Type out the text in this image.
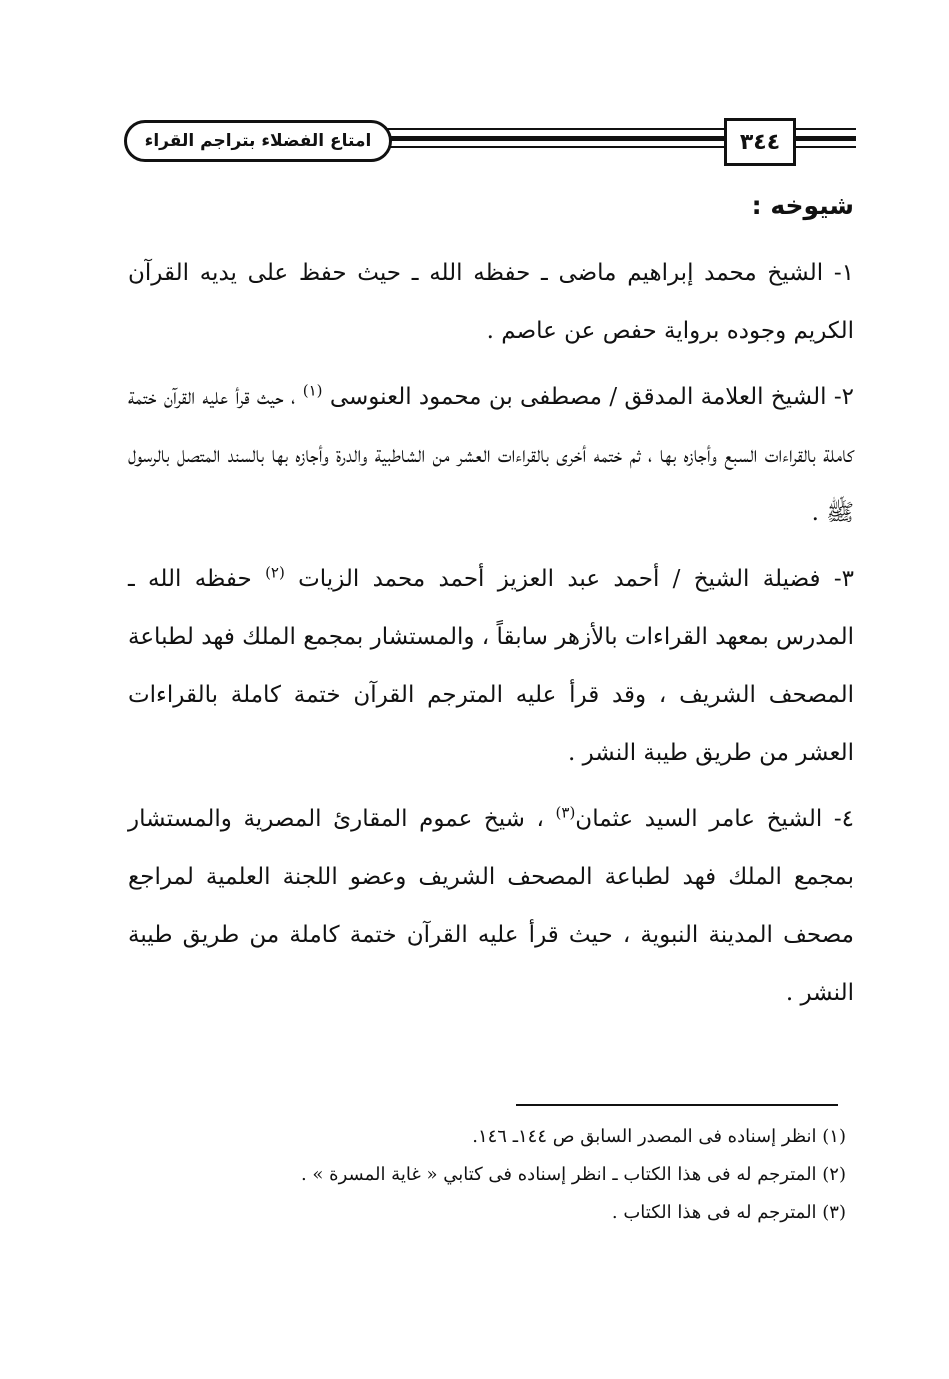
امتاع الفضلاء بتراجم القراء	٣٤٤

شيوخه :

١- الشيخ محمد إبراهيم ماضى ـ حفظه الله ـ حيث حفظ على يديه القرآن الكريم وجوده برواية حفص عن عاصم .

٢- الشيخ العلامة المدقق / مصطفى بن محمود العنوسى $^{(١)}$ ، حيث قرأ عليه القرآن ختمة كاملة بالقراءات السبع وأجازه بها ، ثم ختمه أخرى بالقراءات العشر من الشاطبية والدرة وأجازه بها بالسند المتصل بالرسول ﷺ .

٣- فضيلة الشيخ / أحمد عبد العزيز أحمد محمد الزيات $^{(٢)}$ حفظه الله ـ المدرس بمعهد القراءات بالأزهر سابقاً ، والمستشار بمجمع الملك فهد لطباعة المصحف الشريف ، وقد قرأ عليه المترجم القرآن ختمة كاملة بالقراءات العشر من طريق طيبة النشر .

٤- الشيخ عامر السيد عثمان$^{(٣)}$ ، شيخ عموم المقارئ المصرية والمستشار بمجمع الملك فهد لطباعة المصحف الشريف وعضو اللجنة العلمية لمراجع مصحف المدينة النبوية ، حيث قرأ عليه القرآن ختمة كاملة من طريق طيبة النشر .

(١) انظر إسناده فى المصدر السابق ص ١٤٤ـ ١٤٦.

(٢) المترجم له فى هذا الكتاب ـ انظر إسناده فى كتابي « غاية المسرة » .

(٣) المترجم له فى هذا الكتاب .
